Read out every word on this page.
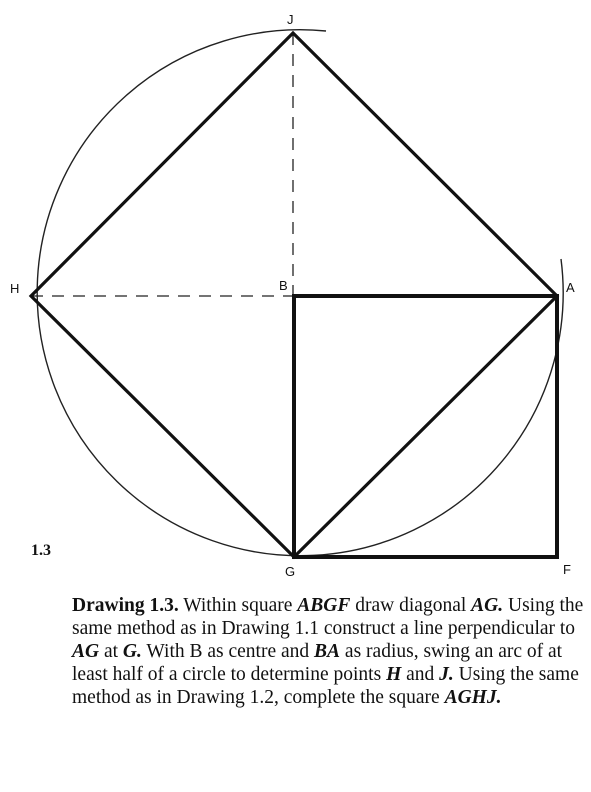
J
H	B	A
G	F
1.3

Drawing 1.3. Within square ABGF draw diagonal AG. Using the same method as in Drawing 1.1 construct a line perpendicular to AG at G. With B as centre and BA as radius, swing an arc of at least half of a circle to determine points H and J. Using the same method as in Drawing 1.2, complete the square AGHJ.
